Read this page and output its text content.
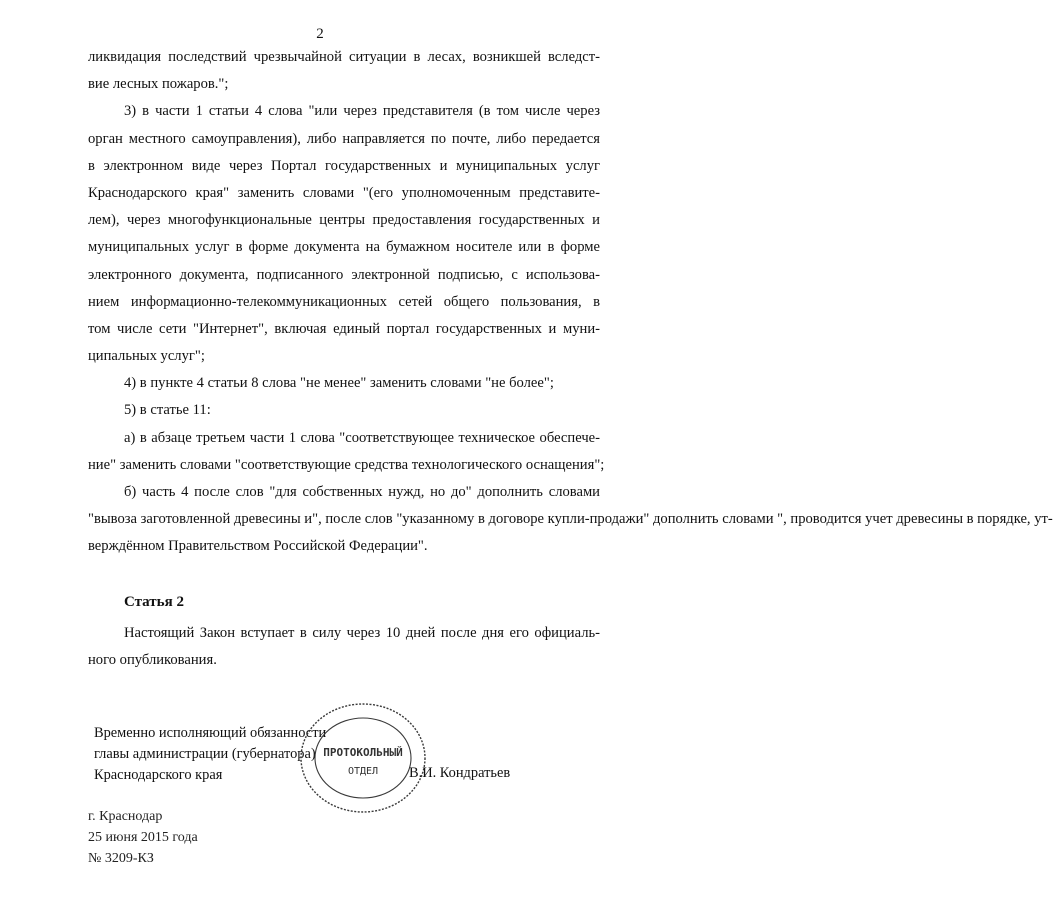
2
ликвидация последствий чрезвычайной ситуации в лесах, возникшей вследст-
вие лесных пожаров.";
3) в части 1 статьи 4 слова "или через представителя (в том числе через
орган местного самоуправления), либо направляется по почте, либо передается
в электронном виде через Портал государственных и муниципальных услуг
Краснодарского края" заменить словами "(его уполномоченным представите-
лем), через многофункциональные центры предоставления государственных и
муниципальных услуг в форме документа на бумажном носителе или в форме
электронного документа, подписанного электронной подписью, с использова-
нием информационно-телекоммуникационных сетей общего пользования, в
том числе сети "Интернет", включая единый портал государственных и муни-
ципальных услуг";
4) в пункте 4 статьи 8 слова "не менее" заменить словами "не более";
5) в статье 11:
а) в абзаце третьем части 1 слова "соответствующее техническое обеспече-
ние" заменить словами "соответствующие средства технологического оснащения";
б) часть 4 после слов "для собственных нужд, но до" дополнить словами
"вывоза заготовленной древесины и", после слов "указанному в договоре купли-продажи" дополнить словами ", проводится учет древесины в порядке, ут-
верждённом Правительством Российской Федерации".
Статья 2
Настоящий Закон вступает в силу через 10 дней после дня его официаль-
ного опубликования.
Временно исполняющий обязанности
главы администрации (губернатора)
Краснодарского края
ПРОТОКОЛЬНЫЙ
ОТДЕЛ В.И. Кондратьев
г. Краснодар
25 июня 2015 года
№ 3209-КЗ
